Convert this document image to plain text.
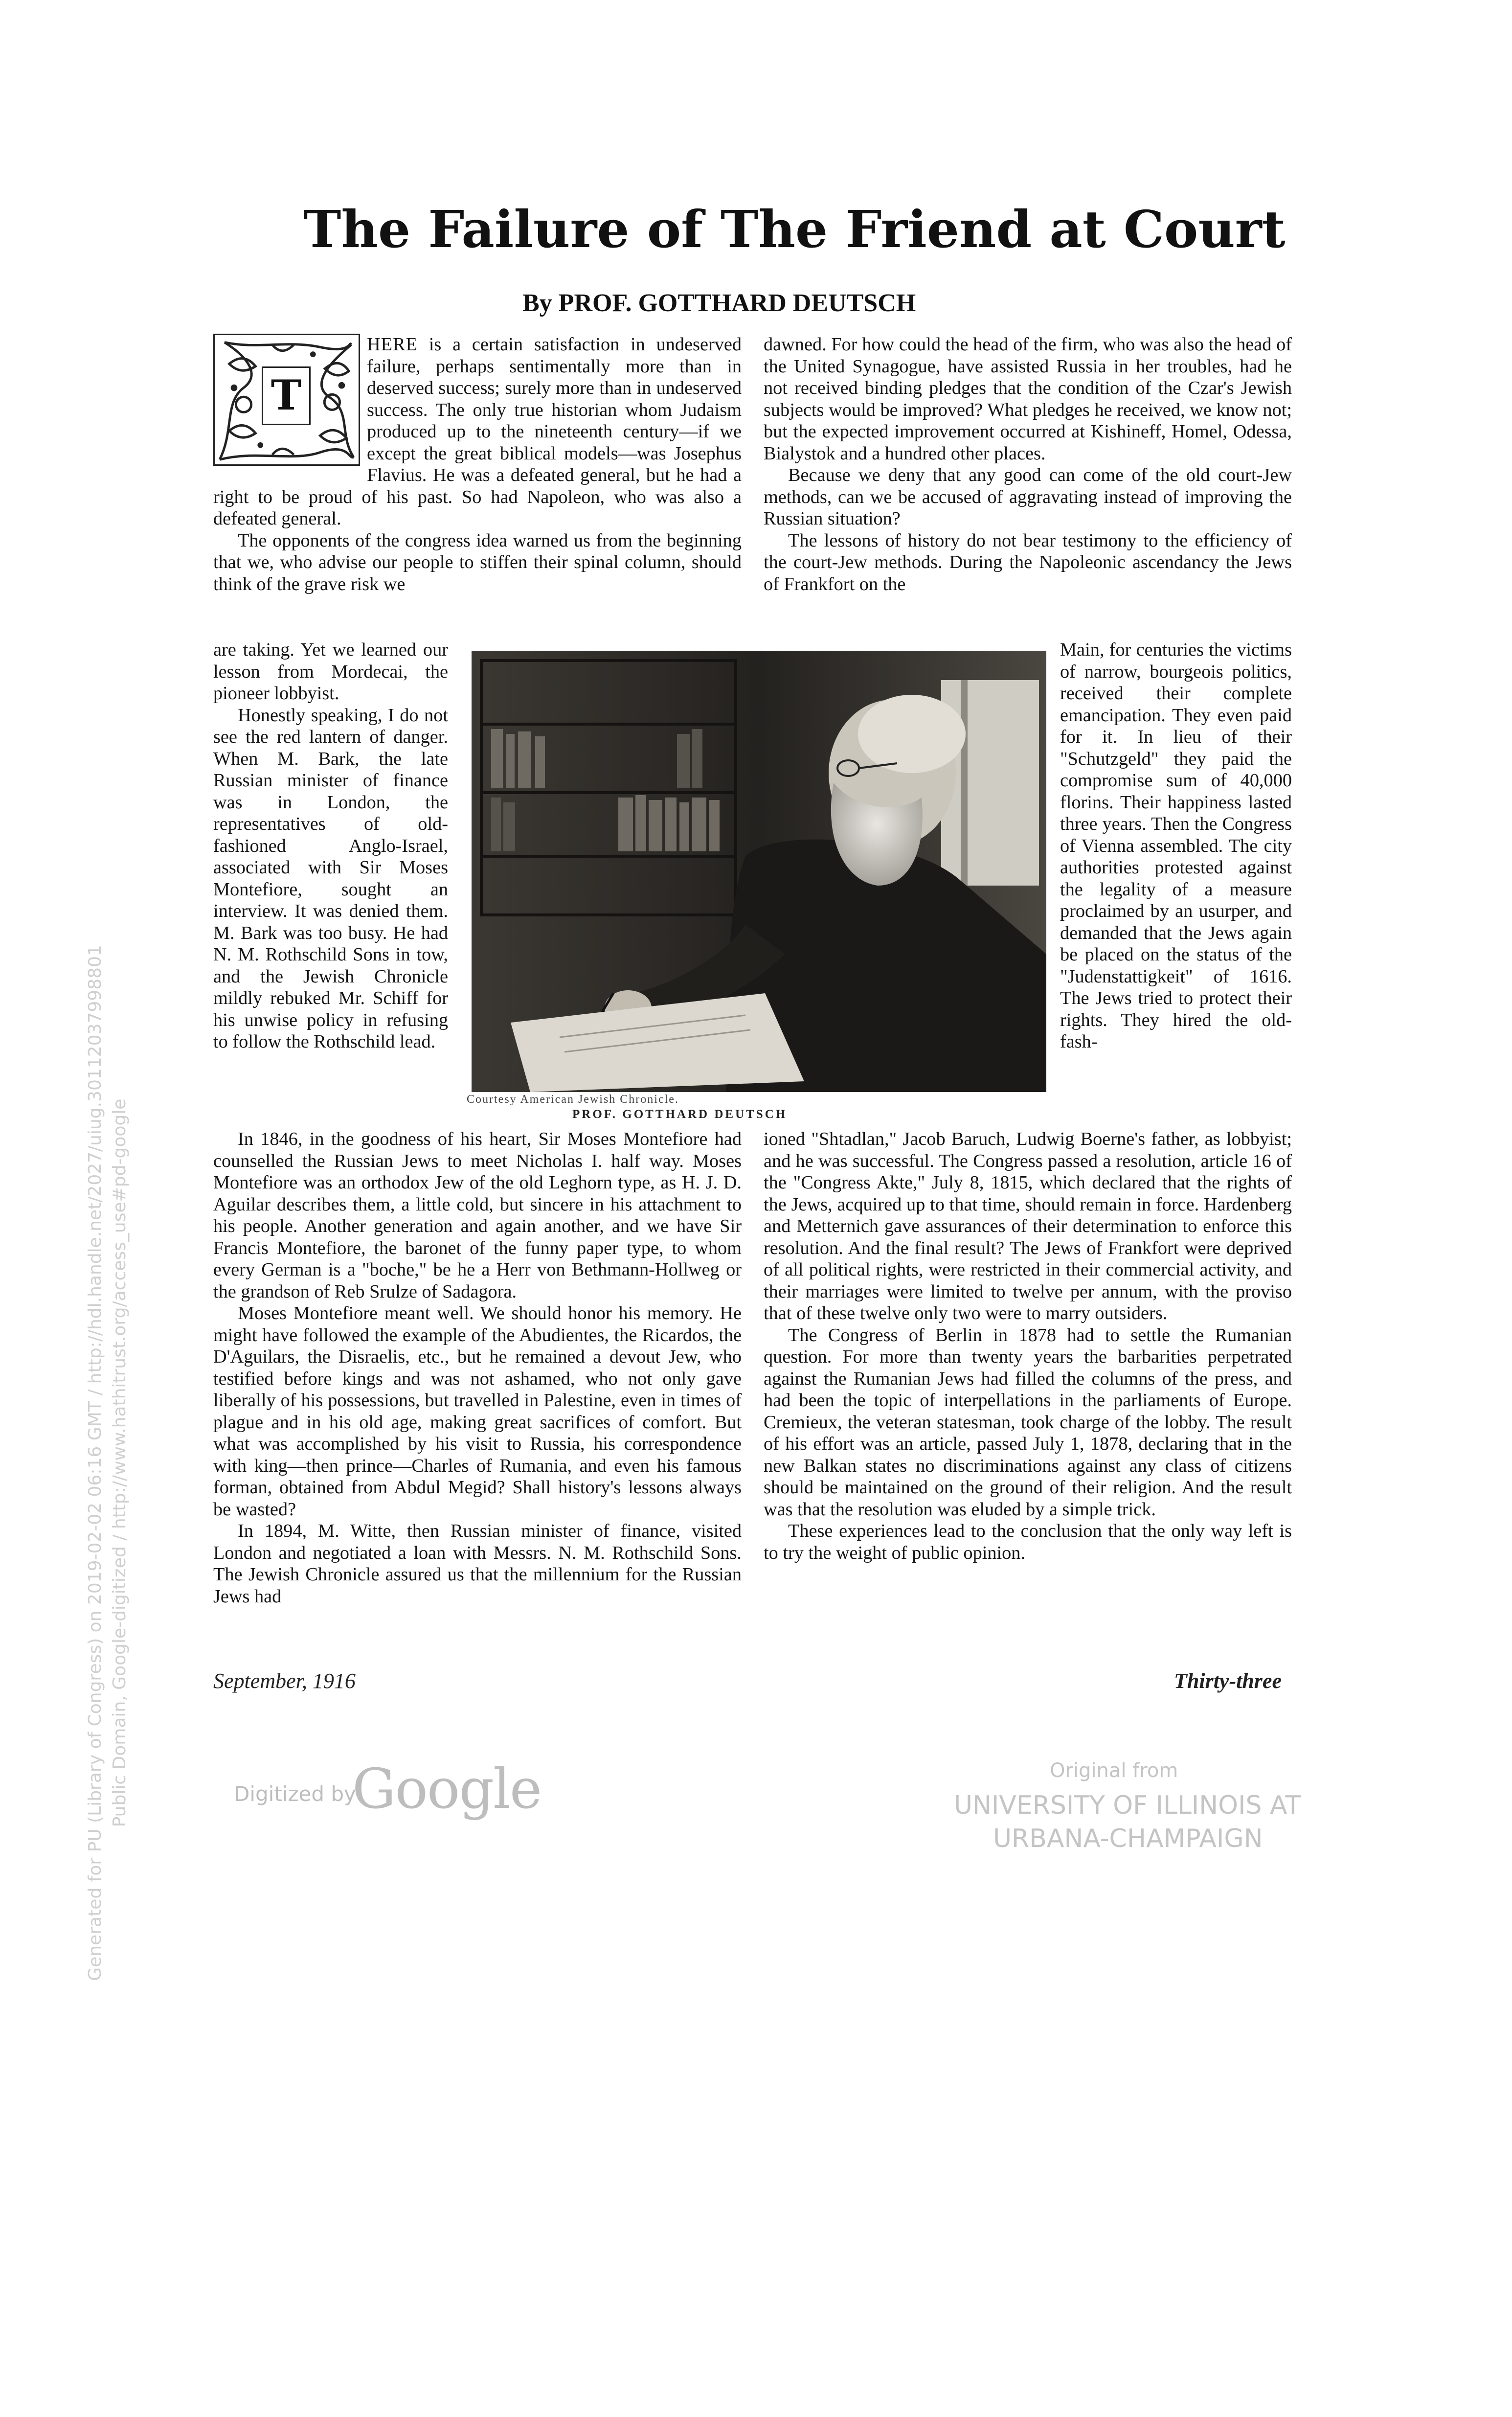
The Failure of The Friend at Court
By PROF. GOTTHARD DEUTSCH
T

HERE is a certain satisfaction in undeserved failure, perhaps sentimentally more than in deserved success; surely more than in undeserved success. The only true historian whom Judaism produced up to the nineteenth century—if we except the great biblical models—was Josephus Flavius. He was a defeated general, but he had a right to be proud of his past. So had Napoleon, who was also a defeated general.

The opponents of the congress idea warned us from the beginning that we, who advise our people to stiffen their spinal column, should think of the grave risk we

are taking. Yet we learned our lesson from Mordecai, the pioneer lobbyist.

Honestly speaking, I do not see the red lantern of danger. When M. Bark, the late Russian minister of finance was in London, the representatives of old-fashioned Anglo-Israel, associated with Sir Moses Montefiore, sought an interview. It was denied them. M. Bark was too busy. He had N. M. Rothschild Sons in tow, and the Jewish Chronicle mildly rebuked Mr. Schiff for his unwise policy in refusing to follow the Rothschild lead.

Courtesy American Jewish Chronicle.
PROF. GOTTHARD DEUTSCH

In 1846, in the goodness of his heart, Sir Moses Montefiore had counselled the Russian Jews to meet Nicholas I. half way. Moses Montefiore was an orthodox Jew of the old Leghorn type, as H. J. D. Aguilar describes them, a little cold, but sincere in his attachment to his people. Another generation and again another, and we have Sir Francis Montefiore, the baronet of the funny paper type, to whom every German is a "boche," be he a Herr von Bethmann-Hollweg or the grandson of Reb Srulze of Sadagora.

Moses Montefiore meant well. We should honor his memory. He might have followed the example of the Abudientes, the Ricardos, the D'Aguilars, the Disraelis, etc., but he remained a devout Jew, who testified before kings and was not ashamed, who not only gave liberally of his possessions, but travelled in Palestine, even in times of plague and in his old age, making great sacrifices of comfort. But what was accomplished by his visit to Russia, his correspondence with king—then prince—Charles of Rumania, and even his famous forman, obtained from Abdul Megid? Shall history's lessons always be wasted?

In 1894, M. Witte, then Russian minister of finance, visited London and negotiated a loan with Messrs. N. M. Rothschild Sons. The Jewish Chronicle assured us that the millennium for the Russian Jews had

dawned. For how could the head of the firm, who was also the head of the United Synagogue, have assisted Russia in her troubles, had he not received binding pledges that the condition of the Czar's Jewish subjects would be improved? What pledges he received, we know not; but the expected improvement occurred at Kishineff, Homel, Odessa, Bialystok and a hundred other places.

Because we deny that any good can come of the old court-Jew methods, can we be accused of aggravating instead of improving the Russian situation?

The lessons of history do not bear testimony to the efficiency of the court-Jew methods. During the Napoleonic ascendancy the Jews of Frankfort on the

Main, for centuries the victims of narrow, bourgeois politics, received their complete emancipation. They even paid for it. In lieu of their "Schutzgeld" they paid the compromise sum of 40,000 florins. Their happiness lasted three years. Then the Congress of Vienna assembled. The city authorities protested against the legality of a measure proclaimed by an usurper, and demanded that the Jews again be placed on the status of the "Judenstattigkeit" of 1616. The Jews tried to protect their rights. They hired the old-fash-

ioned "Shtadlan," Jacob Baruch, Ludwig Boerne's father, as lobbyist; and he was successful. The Congress passed a resolution, article 16 of the "Congress Akte," July 8, 1815, which declared that the rights of the Jews, acquired up to that time, should remain in force. Hardenberg and Metternich gave assurances of their determination to enforce this resolution. And the final result? The Jews of Frankfort were deprived of all political rights, were restricted in their commercial activity, and their marriages were limited to twelve per annum, with the proviso that of these twelve only two were to marry outsiders.

The Congress of Berlin in 1878 had to settle the Rumanian question. For more than twenty years the barbarities perpetrated against the Rumanian Jews had filled the columns of the press, and had been the topic of interpellations in the parliaments of Europe. Cremieux, the veteran statesman, took charge of the lobby. The result of his effort was an article, passed July 1, 1878, declaring that in the new Balkan states no discriminations against any class of citizens should be maintained on the ground of their religion. And the result was that the resolution was eluded by a simple trick.

These experiences lead to the conclusion that the only way left is to try the weight of public opinion.

September, 1916	Thirty-three
Digitized by
Google	Original from
UNIVERSITY OF ILLINOIS AT
URBANA-CHAMPAIGN
Generated for PU (Library of Congress) on 2019-02-02 06:16 GMT / http://hdl.handle.net/2027/uiug.30112037998801 Public Domain, Google-digitized / http://www.hathitrust.org/access_use#pd-google
